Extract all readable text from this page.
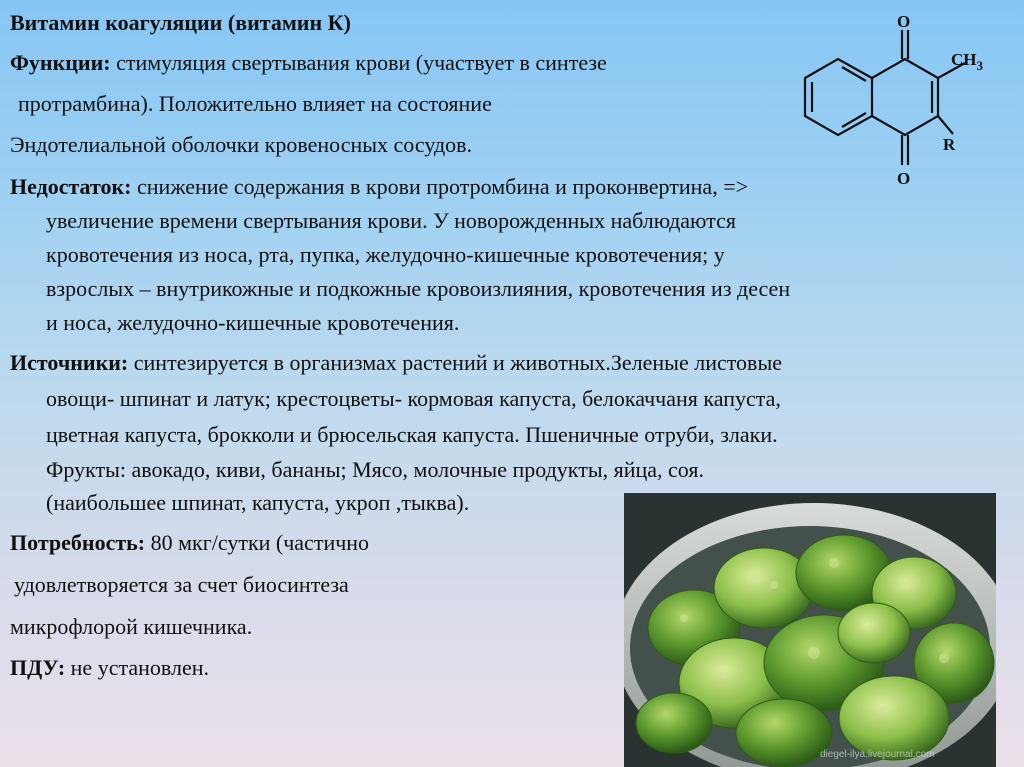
Витамин коагуляции (витамин К)

Функции: стимуляция свертывания крови (участвует в синтезе

протрамбина). Положительно влияет на состояние

Эндотелиальной оболочки кровеносных сосудов.

Недостаток: снижение содержания в крови протромбина и проконвертина, =>

увеличение времени свертывания крови. У новорожденных наблюдаются

кровотечения из носа, рта, пупка, желудочно-кишечные кровотечения; у

взрослых – внутрикожные и подкожные кровоизлияния, кровотечения из десен

и носа, желудочно-кишечные кровотечения.

Источники: синтезируется в организмах растений и животных.Зеленые листовые

овощи- шпинат и латук; крестоцветы- кормовая капуста, белокаччаня капуста,

цветная капуста, брокколи и брюсельская капуста. Пшеничные отруби, злаки.

Фрукты: авокадо, киви, бананы; Мясо, молочные продукты, яйца, соя.

(наибольшее шпинат, капуста, укроп ,тыква).

Потребность: 80 мкг/сутки (частично

удовлетворяется за счет биосинтеза

микрофлорой кишечника.

ПДУ: не установлен.

O
O
$CH_3$
R
diegel-ilya.livejournal.com
